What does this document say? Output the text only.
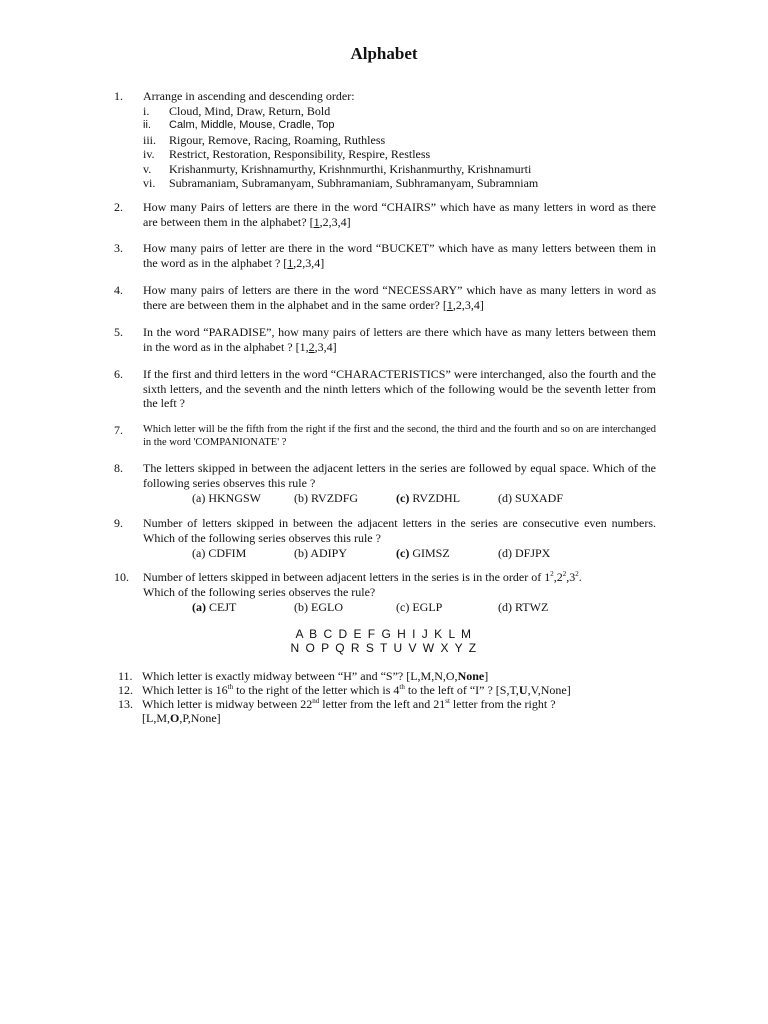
Alphabet
1. Arrange in ascending and descending order:
i.	Cloud, Mind, Draw, Return, Bold
ii.	Calm, Middle, Mouse, Cradle, Top
iii.	Rigour, Remove, Racing, Roaming, Ruthless
iv.	Restrict, Restoration, Responsibility, Respire, Restless
v.	Krishanmurty, Krishnamurthy, Krishnmurthi, Krishanmurthy, Krishnamurti
vi.	Subramaniam, Subramanyam, Subhramaniam, Subhramanyam, Subramniam
2. How many Pairs of letters are there in the word “CHAIRS” which have as many letters in word as there are between them in the alphabet? [1,2,3,4]
3. How many pairs of letter are there in the word “BUCKET” which have as many letters between them in the word as in the alphabet ? [1,2,3,4]
4. How many pairs of letters are there in the word “NECESSARY” which have as many letters in word as there are between them in the alphabet and in the same order? [1,2,3,4]
5. In the word “PARADISE”, how many pairs of letters are there which have as many letters between them in the word as in the alphabet ? [1,2,3,4]
6. If the first and third letters in the word “CHARACTERISTICS” were interchanged, also the fourth and the sixth letters, and the seventh and the ninth letters which of the following would be the seventh letter from the left ?
7. Which letter will be the fifth from the right if the first and the second, the third and the fourth and so on are interchanged in the word 'COMPANIONATE' ?
8. The letters skipped in between the adjacent letters in the series are followed by equal space. Which of the following series observes this rule ?
(a) HKNGSW	(b) RVZDFG	(c) RVZDHL	(d) SUXADF
9. Number of letters skipped in between the adjacent letters in the series are consecutive even numbers. Which of the following series observes this rule ?
(a) CDFIM	(b) ADIPY	(c) GIMSZ	(d) DFJPX
10. Number of letters skipped in between adjacent letters in the series is in the order of $1^2,2^2,3^2$.
Which of the following series observes the rule?
(a) CEJT	(b) EGLO	(c) EGLP	(d) RTWZ
A B C D E F G H I J K L M
N O P Q R S T U V W X Y Z
11. Which letter is exactly midway between “H” and “S”? [L,M,N,O,None]
12. Which letter is 16th to the right of the letter which is 4th to the left of “I” ? [S,T,U,V,None]
13. Which letter is midway between 22nd letter from the left and 21st letter from the right ?
[L,M,O,P,None]
